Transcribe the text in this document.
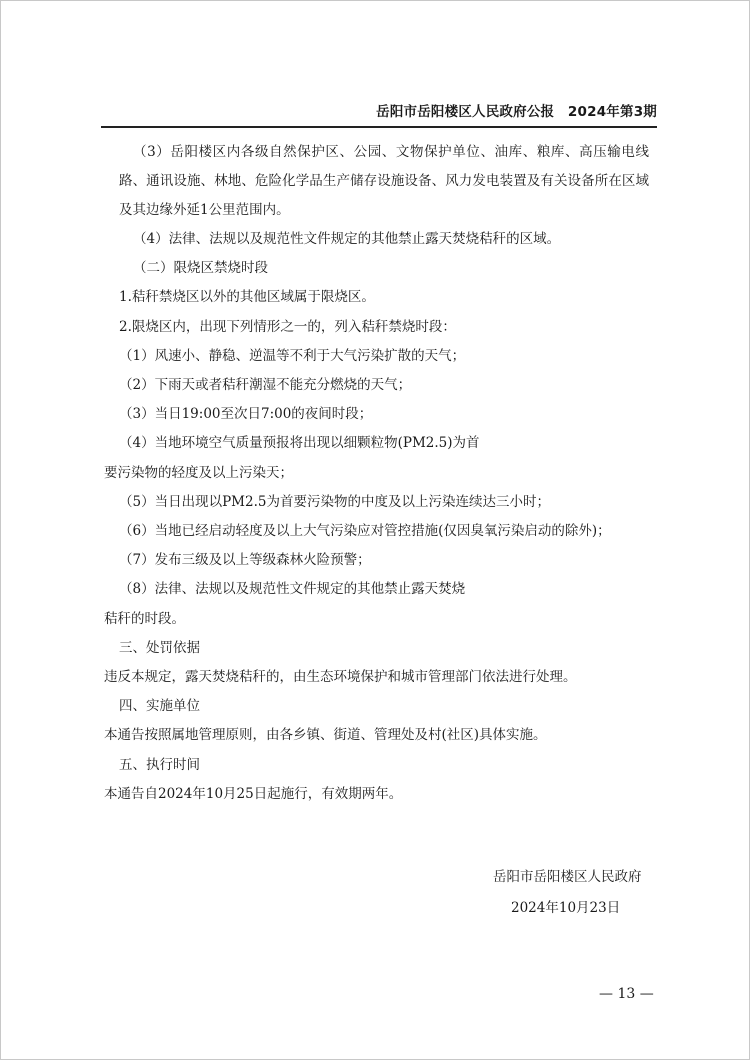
岳阳市岳阳楼区人民政府公报　2024年第3期

（3）岳阳楼区内各级自然保护区、公园、文物保护单位、油库、粮库、高压输电线路、通讯设施、林地、危险化学品生产储存设施设备、风力发电装置及有关设备所在区域及其边缘外延1公里范围内。

（4）法律、法规以及规范性文件规定的其他禁止露天焚烧秸秆的区域。

（二）限烧区禁烧时段

1.秸秆禁烧区以外的其他区域属于限烧区。

2.限烧区内，出现下列情形之一的，列入秸秆禁烧时段：

（1）风速小、静稳、逆温等不利于大气污染扩散的天气；

（2）下雨天或者秸秆潮湿不能充分燃烧的天气；

（3）当日19:00至次日7:00的夜间时段；

（4）当地环境空气质量预报将出现以细颗粒物(PM2.5)为首

要污染物的轻度及以上污染天；

（5）当日出现以PM2.5为首要污染物的中度及以上污染连续达三小时；

（6）当地已经启动轻度及以上大气污染应对管控措施(仅因臭氧污染启动的除外)；

（7）发布三级及以上等级森林火险预警；

（8）法律、法规以及规范性文件规定的其他禁止露天焚烧

秸秆的时段。

三、处罚依据

违反本规定，露天焚烧秸秆的，由生态环境保护和城市管理部门依法进行处理。

四、实施单位

本通告按照属地管理原则，由各乡镇、街道、管理处及村(社区)具体实施。

五、执行时间

本通告自2024年10月25日起施行，有效期两年。

岳阳市岳阳楼区人民政府
2024年10月23日
— 13 —
